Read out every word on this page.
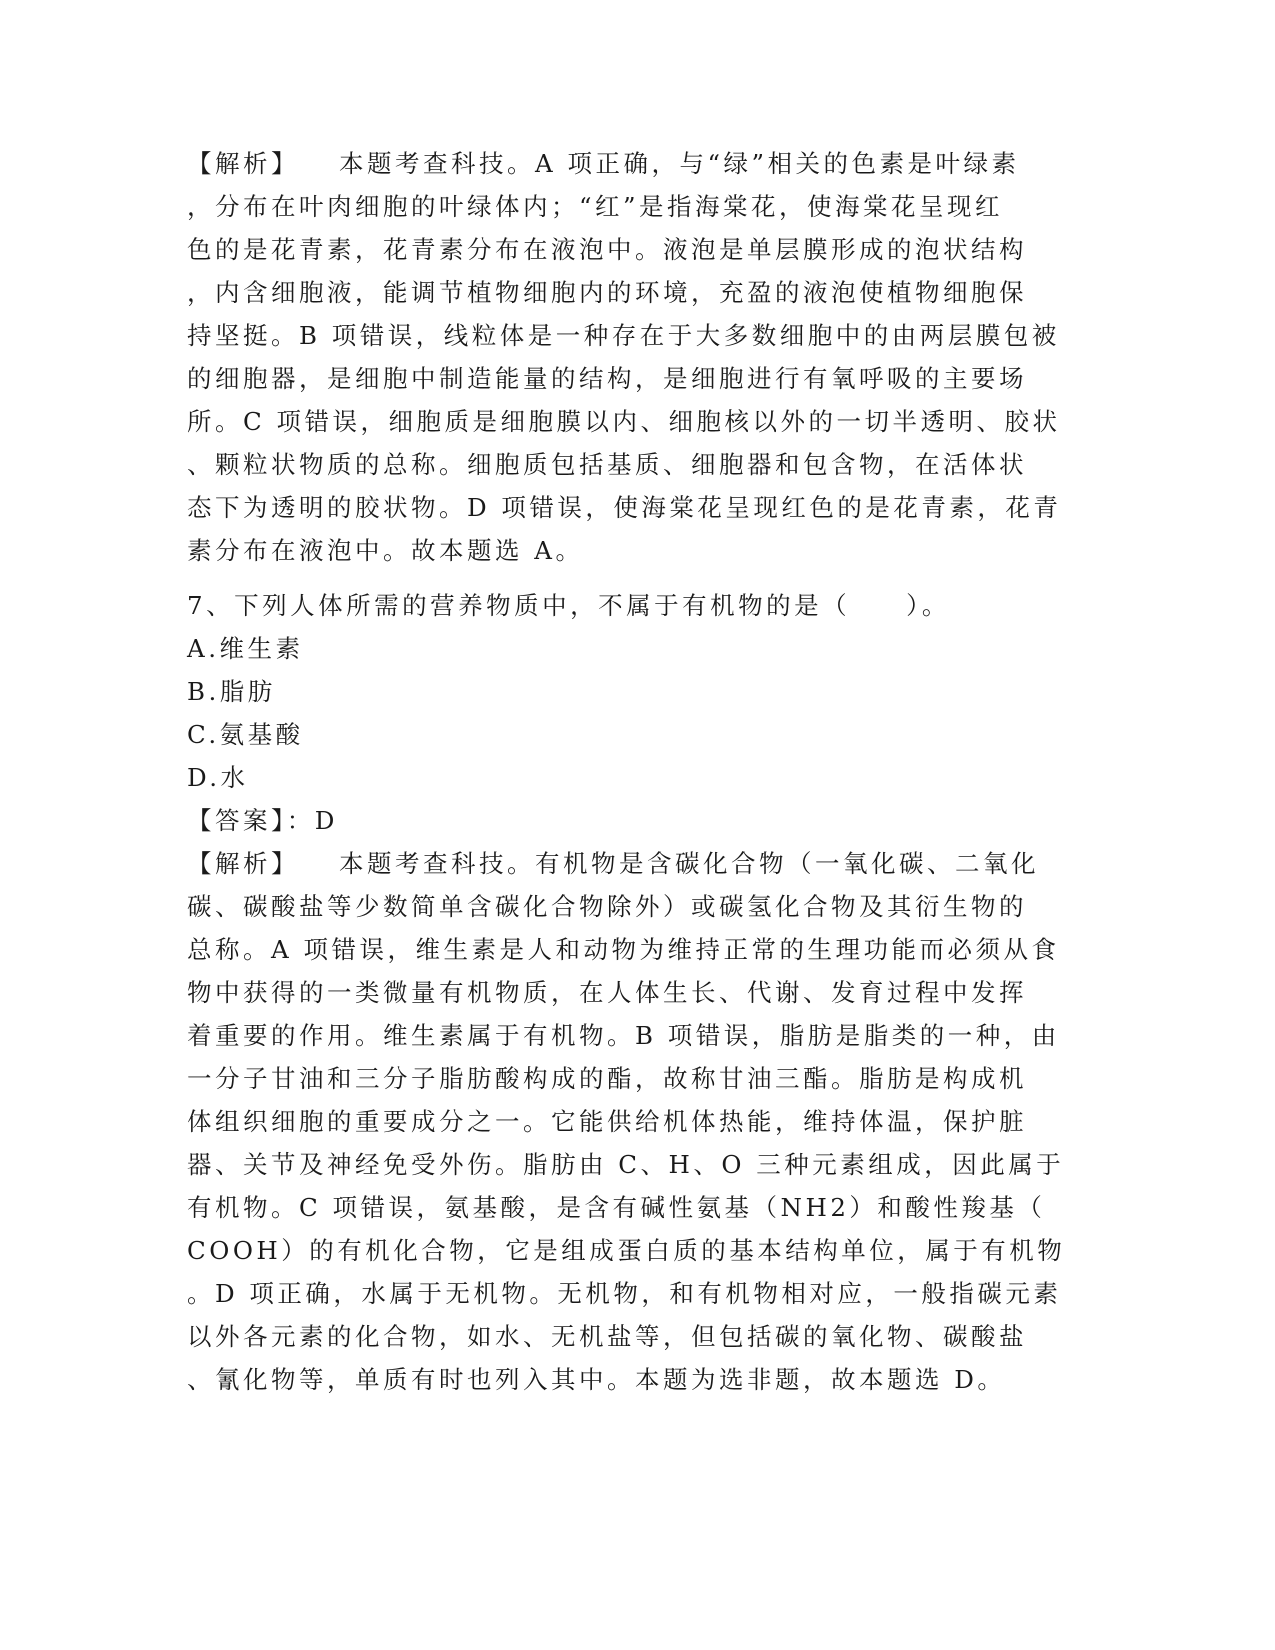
【解析】 本题考查科技。A 项正确，与“绿”相关的色素是叶绿素
，分布在叶肉细胞的叶绿体内；“红”是指海棠花，使海棠花呈现红
色的是花青素，花青素分布在液泡中。液泡是单层膜形成的泡状结构
，内含细胞液，能调节植物细胞内的环境，充盈的液泡使植物细胞保
持坚挺。B 项错误，线粒体是一种存在于大多数细胞中的由两层膜包被
的细胞器，是细胞中制造能量的结构，是细胞进行有氧呼吸的主要场
所。C 项错误，细胞质是细胞膜以内、细胞核以外的一切半透明、胶状
、颗粒状物质的总称。细胞质包括基质、细胞器和包含物，在活体状
态下为透明的胶状物。D 项错误，使海棠花呈现红色的是花青素，花青
素分布在液泡中。故本题选 A。
7、下列人体所需的营养物质中，不属于有机物的是（　　）。
A.维生素
B.脂肪
C.氨基酸
D.水
【答案】：D
【解析】 本题考查科技。有机物是含碳化合物（一氧化碳、二氧化
碳、碳酸盐等少数简单含碳化合物除外）或碳氢化合物及其衍生物的
总称。A 项错误，维生素是人和动物为维持正常的生理功能而必须从食
物中获得的一类微量有机物质，在人体生长、代谢、发育过程中发挥
着重要的作用。维生素属于有机物。B 项错误，脂肪是脂类的一种，由
一分子甘油和三分子脂肪酸构成的酯，故称甘油三酯。脂肪是构成机
体组织细胞的重要成分之一。它能供给机体热能，维持体温，保护脏
器、关节及神经免受外伤。脂肪由 C、H、O 三种元素组成，因此属于
有机物。C 项错误，氨基酸，是含有碱性氨基（NH2）和酸性羧基（
COOH）的有机化合物，它是组成蛋白质的基本结构单位，属于有机物
。D 项正确，水属于无机物。无机物，和有机物相对应，一般指碳元素
以外各元素的化合物，如水、无机盐等，但包括碳的氧化物、碳酸盐
、氰化物等，单质有时也列入其中。本题为选非题，故本题选 D。
